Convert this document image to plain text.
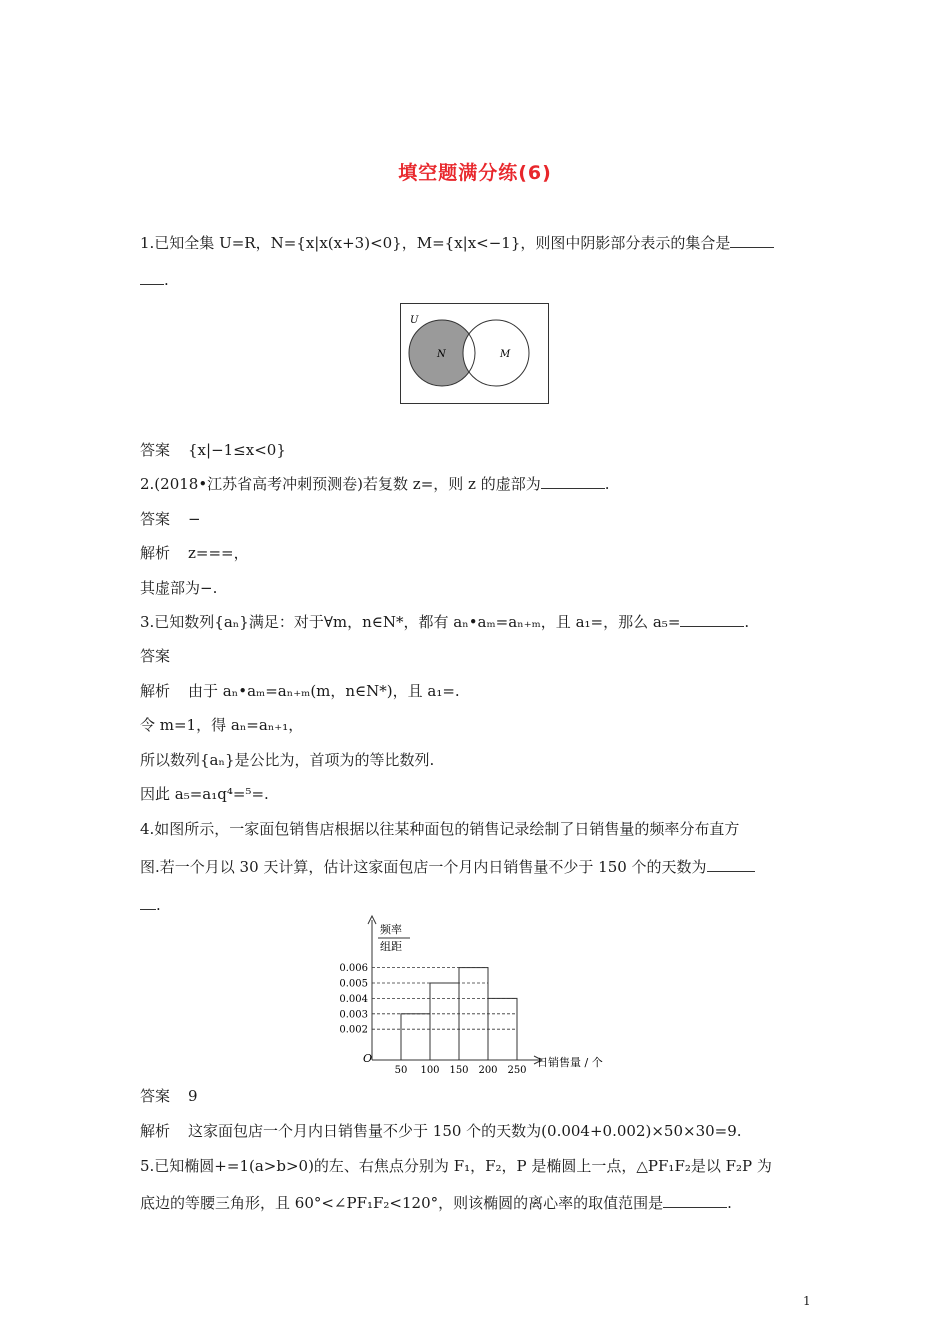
填空题满分练(6)
1.已知全集 U=R，N={x|x(x+3)<0}，M={x|x<−1}，则图中阴影部分表示的集合是
.
U
N	M
答案 {x|−1≤x<0}
2.(2018•江苏省高考冲刺预测卷)若复数 z=，则 z 的虚部为	.
答案 −
解析 z===，
其虚部为−.
3.已知数列{aₙ}满足：对于∀m，n∈N*，都有 aₙ•aₘ=aₙ₊ₘ，且 a₁=，那么 a₅=	.
答案
解析 由于 aₙ•aₘ=aₙ₊ₘ(m，n∈N*)，且 a₁=.
令 m=1，得 aₙ=aₙ₊₁，
所以数列{aₙ}是公比为，首项为的等比数列.
因此 a₅=a₁q⁴=⁵=.
4.如图所示，一家面包销售店根据以往某种面包的销售记录绘制了日销售量的频率分布直方
图.若一个月以 30 天计算，估计这家面包店一个月内日销售量不少于 150 个的天数为
.
频率
组距
日销售量 / 个
O
0.002
0.003
0.004
0.005
0.006
50 100 150 200 250
答案 9
解析 这家面包店一个月内日销售量不少于 150 个的天数为(0.004+0.002)×50×30=9.
5.已知椭圆+=1(a>b>0)的左、右焦点分别为 F₁，F₂，P 是椭圆上一点，△PF₁F₂是以 F₂P 为
底边的等腰三角形，且 60°<∠PF₁F₂<120°，则该椭圆的离心率的取值范围是	.
1
